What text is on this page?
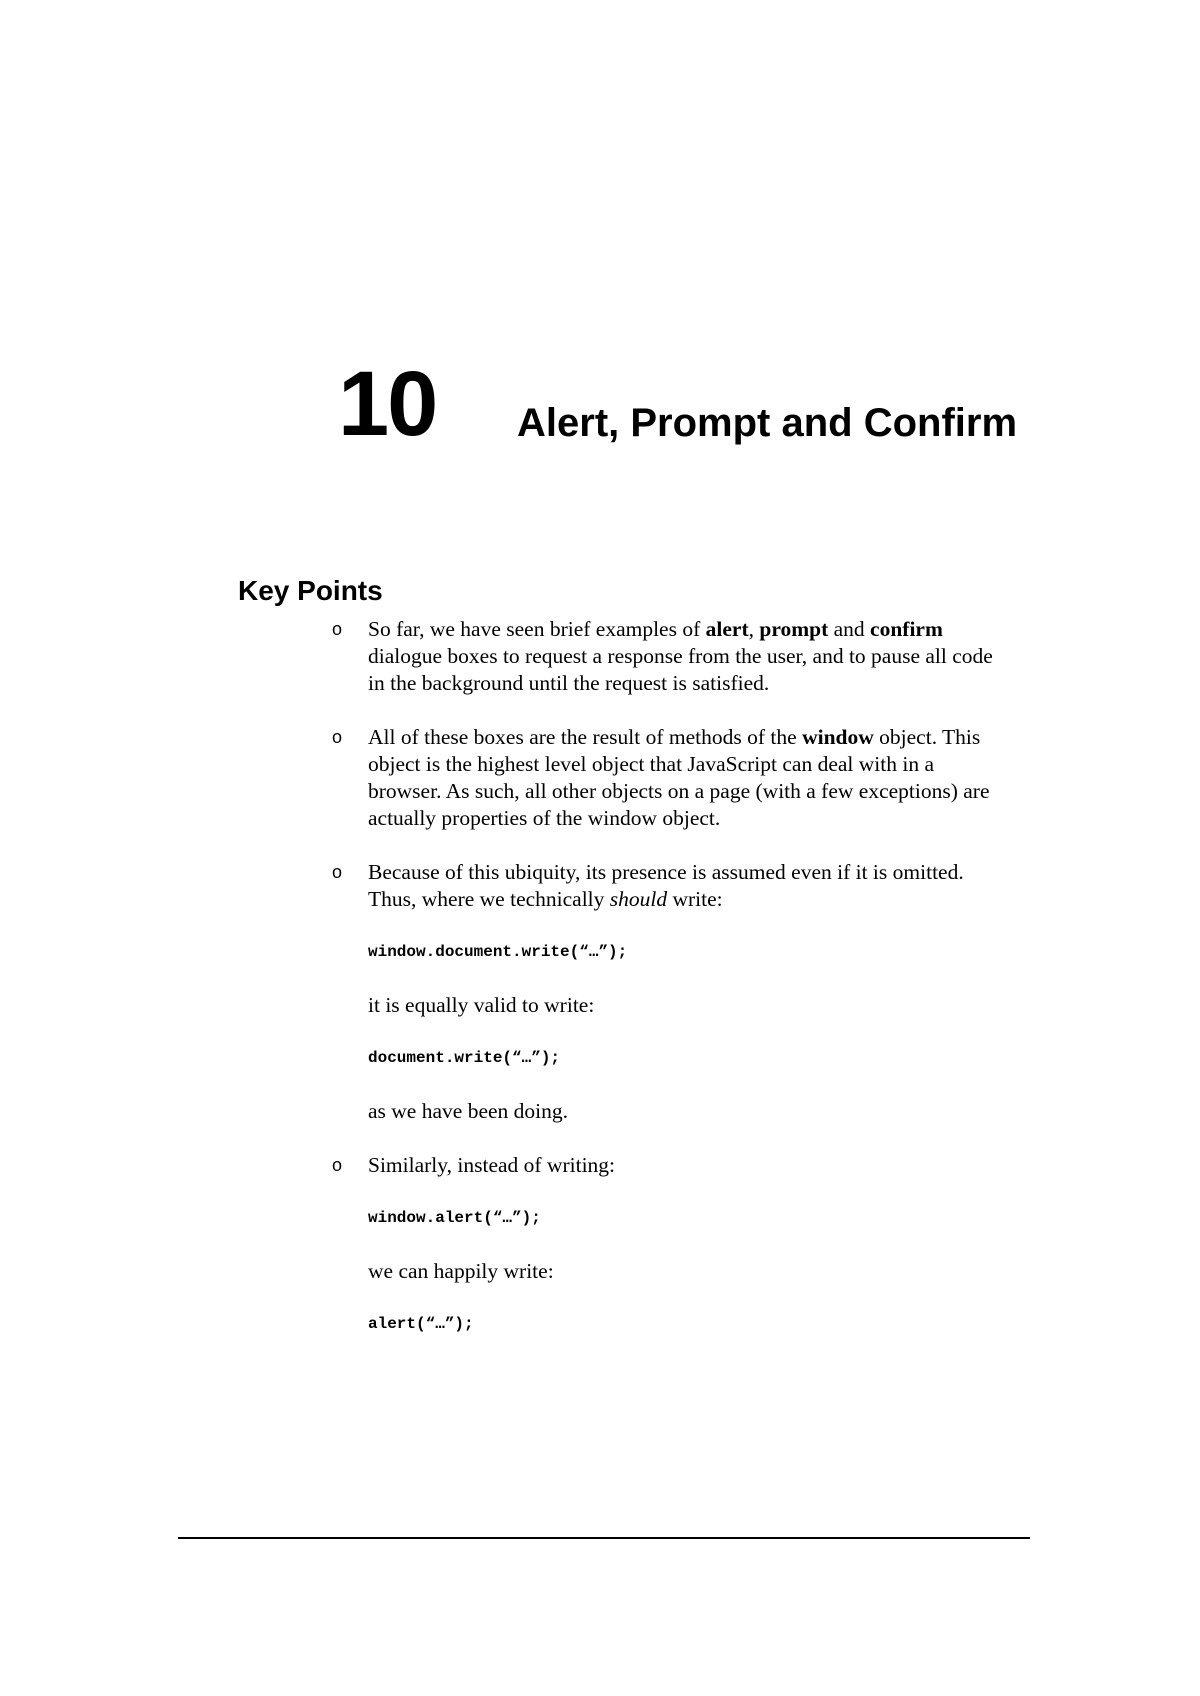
10 Alert, Prompt and Confirm
Key Points
o So far, we have seen brief examples of alert, prompt and confirm dialogue boxes to request a response from the user, and to pause all code in the background until the request is satisfied.

o All of these boxes are the result of methods of the window object. This object is the highest level object that JavaScript can deal with in a browser. As such, all other objects on a page (with a few exceptions) are actually properties of the window object.

o Because of this ubiquity, its presence is assumed even if it is omitted. Thus, where we technically should write:

window.document.write(“…”);

it is equally valid to write:

document.write(“…”);

as we have been doing.

o Similarly, instead of writing:

window.alert(“…”);

we can happily write:

alert(“…”);
